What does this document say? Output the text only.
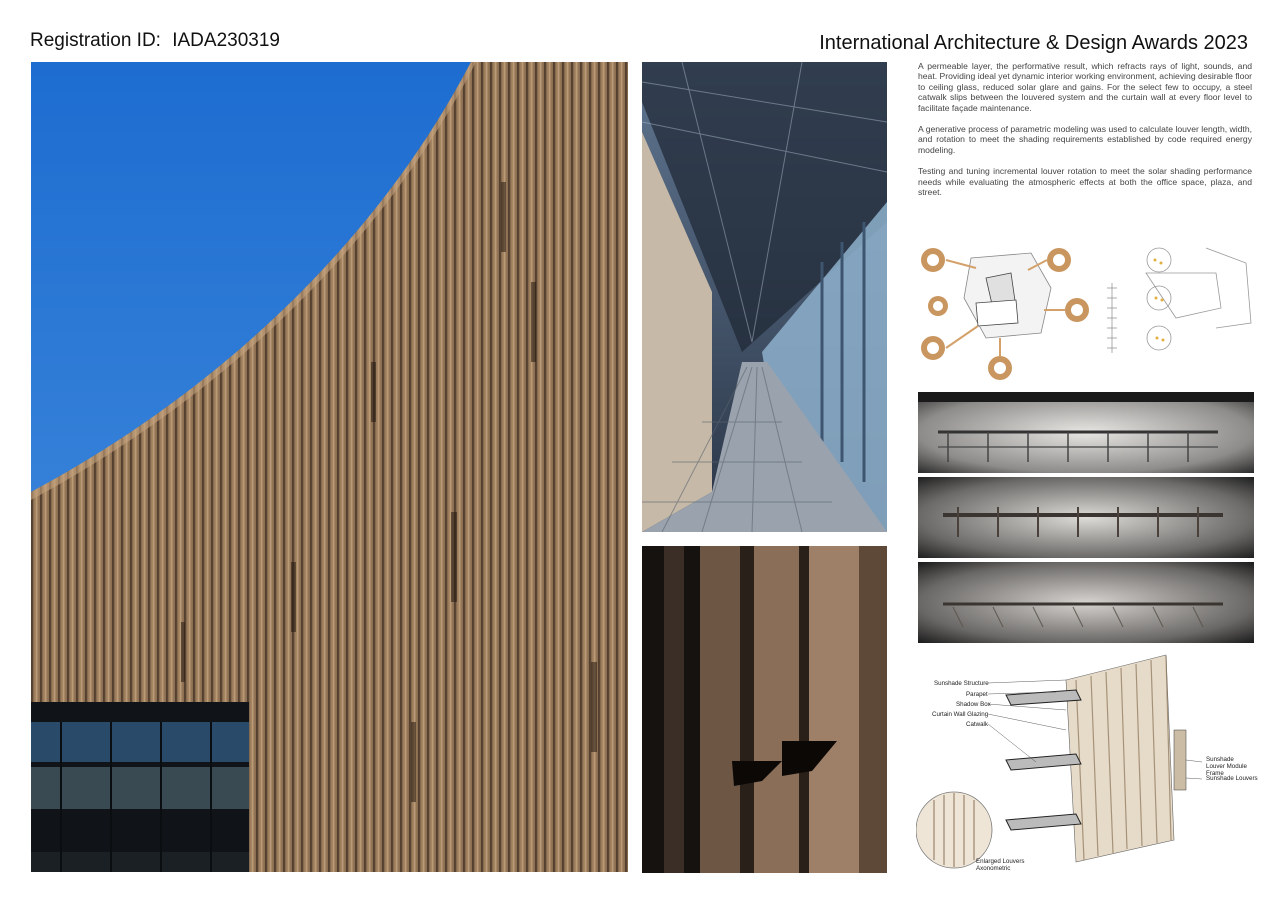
Registration ID: IADA230319	International Architecture & Design Awards 2023

A permeable layer, the performative result, which refracts rays of light, sounds, and heat. Providing ideal yet dynamic interior working environment, achieving desirable floor to ceiling glass, reduced solar glare and gains. For the select few to occupy, a steel catwalk slips between the louvered system and the curtain wall at every floor level to facilitate façade maintenance.

A generative process of parametric modeling was used to calculate louver length, width, and rotation to meet the shading requirements established by code required energy modeling.

Testing and tuning incremental louver rotation to meet the solar shading performance needs while evaluating the atmospheric effects at both the office space, plaza, and street.

Sunshade Structure
Parapet
Shadow Box
Curtain Wall Glazing
Catwalk
Sunshade Louver Module Frame
Sunshade Louvers
Enlarged Louvers Axonometric
